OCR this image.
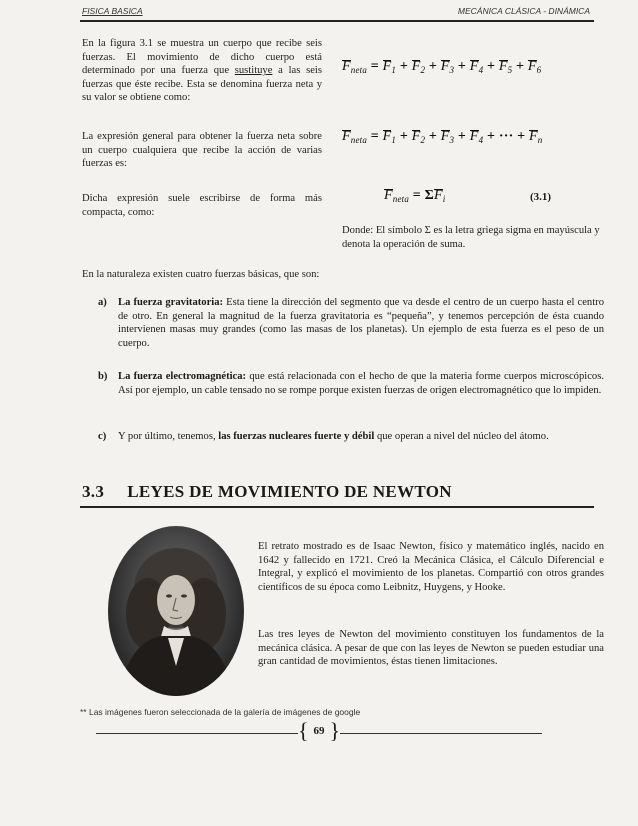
FISICA BASICA	MECÁNICA CLÁSICA - DINÁMICA
En la figura 3.1 se muestra un cuerpo que recibe seis fuerzas. El movimiento de dicho cuerpo está determinado por una fuerza que sustituye a las seis fuerzas que éste recibe. Esta se denomina fuerza neta y su valor se obtiene como:
$F_{neta} = F_1 + F_2 + F_3 + F_4 + F_5 + F_6$
La expresión general para obtener la fuerza neta sobre un cuerpo cualquiera que recibe la acción de varias fuerzas es:
$F_{neta} = F_1 + F_2 + F_3 + F_4$ + ··· + $F_n$
Dicha expresión suele escribirse de forma más compacta, como:
$F_{neta} = \Sigma F_i$	(3.1)
Donde: El símbolo Σ es la letra griega sigma en mayúscula y denota la operación de suma.
En la naturaleza existen cuatro fuerzas básicas, que son:
a) La fuerza gravitatoria: Esta tiene la dirección del segmento que va desde el centro de un cuerpo hasta el centro de otro. En general la magnitud de la fuerza gravitatoria es “pequeña”, y tenemos percepción de ésta cuando intervienen masas muy grandes (como las masas de los planetas). Un ejemplo de esta fuerza es el peso de un cuerpo.
b) La fuerza electromagnética: que está relacionada con el hecho de que la materia forme cuerpos microscópicos. Así por ejemplo, un cable tensado no se rompe porque existen fuerzas de origen electromagnético que lo impiden.
c) Y por último, tenemos, las fuerzas nucleares fuerte y débil que operan a nivel del núcleo del átomo.
3.3 LEYES DE MOVIMIENTO DE NEWTON
El retrato mostrado es de Isaac Newton, físico y matemático inglés, nacido en 1642 y fallecido en 1721. Creó la Mecánica Clásica, el Cálculo Diferencial e Integral, y explicó el movimiento de los planetas. Compartió con otros grandes científicos de su época como Leibnitz, Huygens, y Hooke.
Las tres leyes de Newton del movimiento constituyen los fundamentos de la mecánica clásica. A pesar de que con las leyes de Newton se pueden estudiar una gran cantidad de movimientos, éstas tienen limitaciones.
** Las imágenes fueron seleccionada de la galería de imágenes de google
{ 69 }
